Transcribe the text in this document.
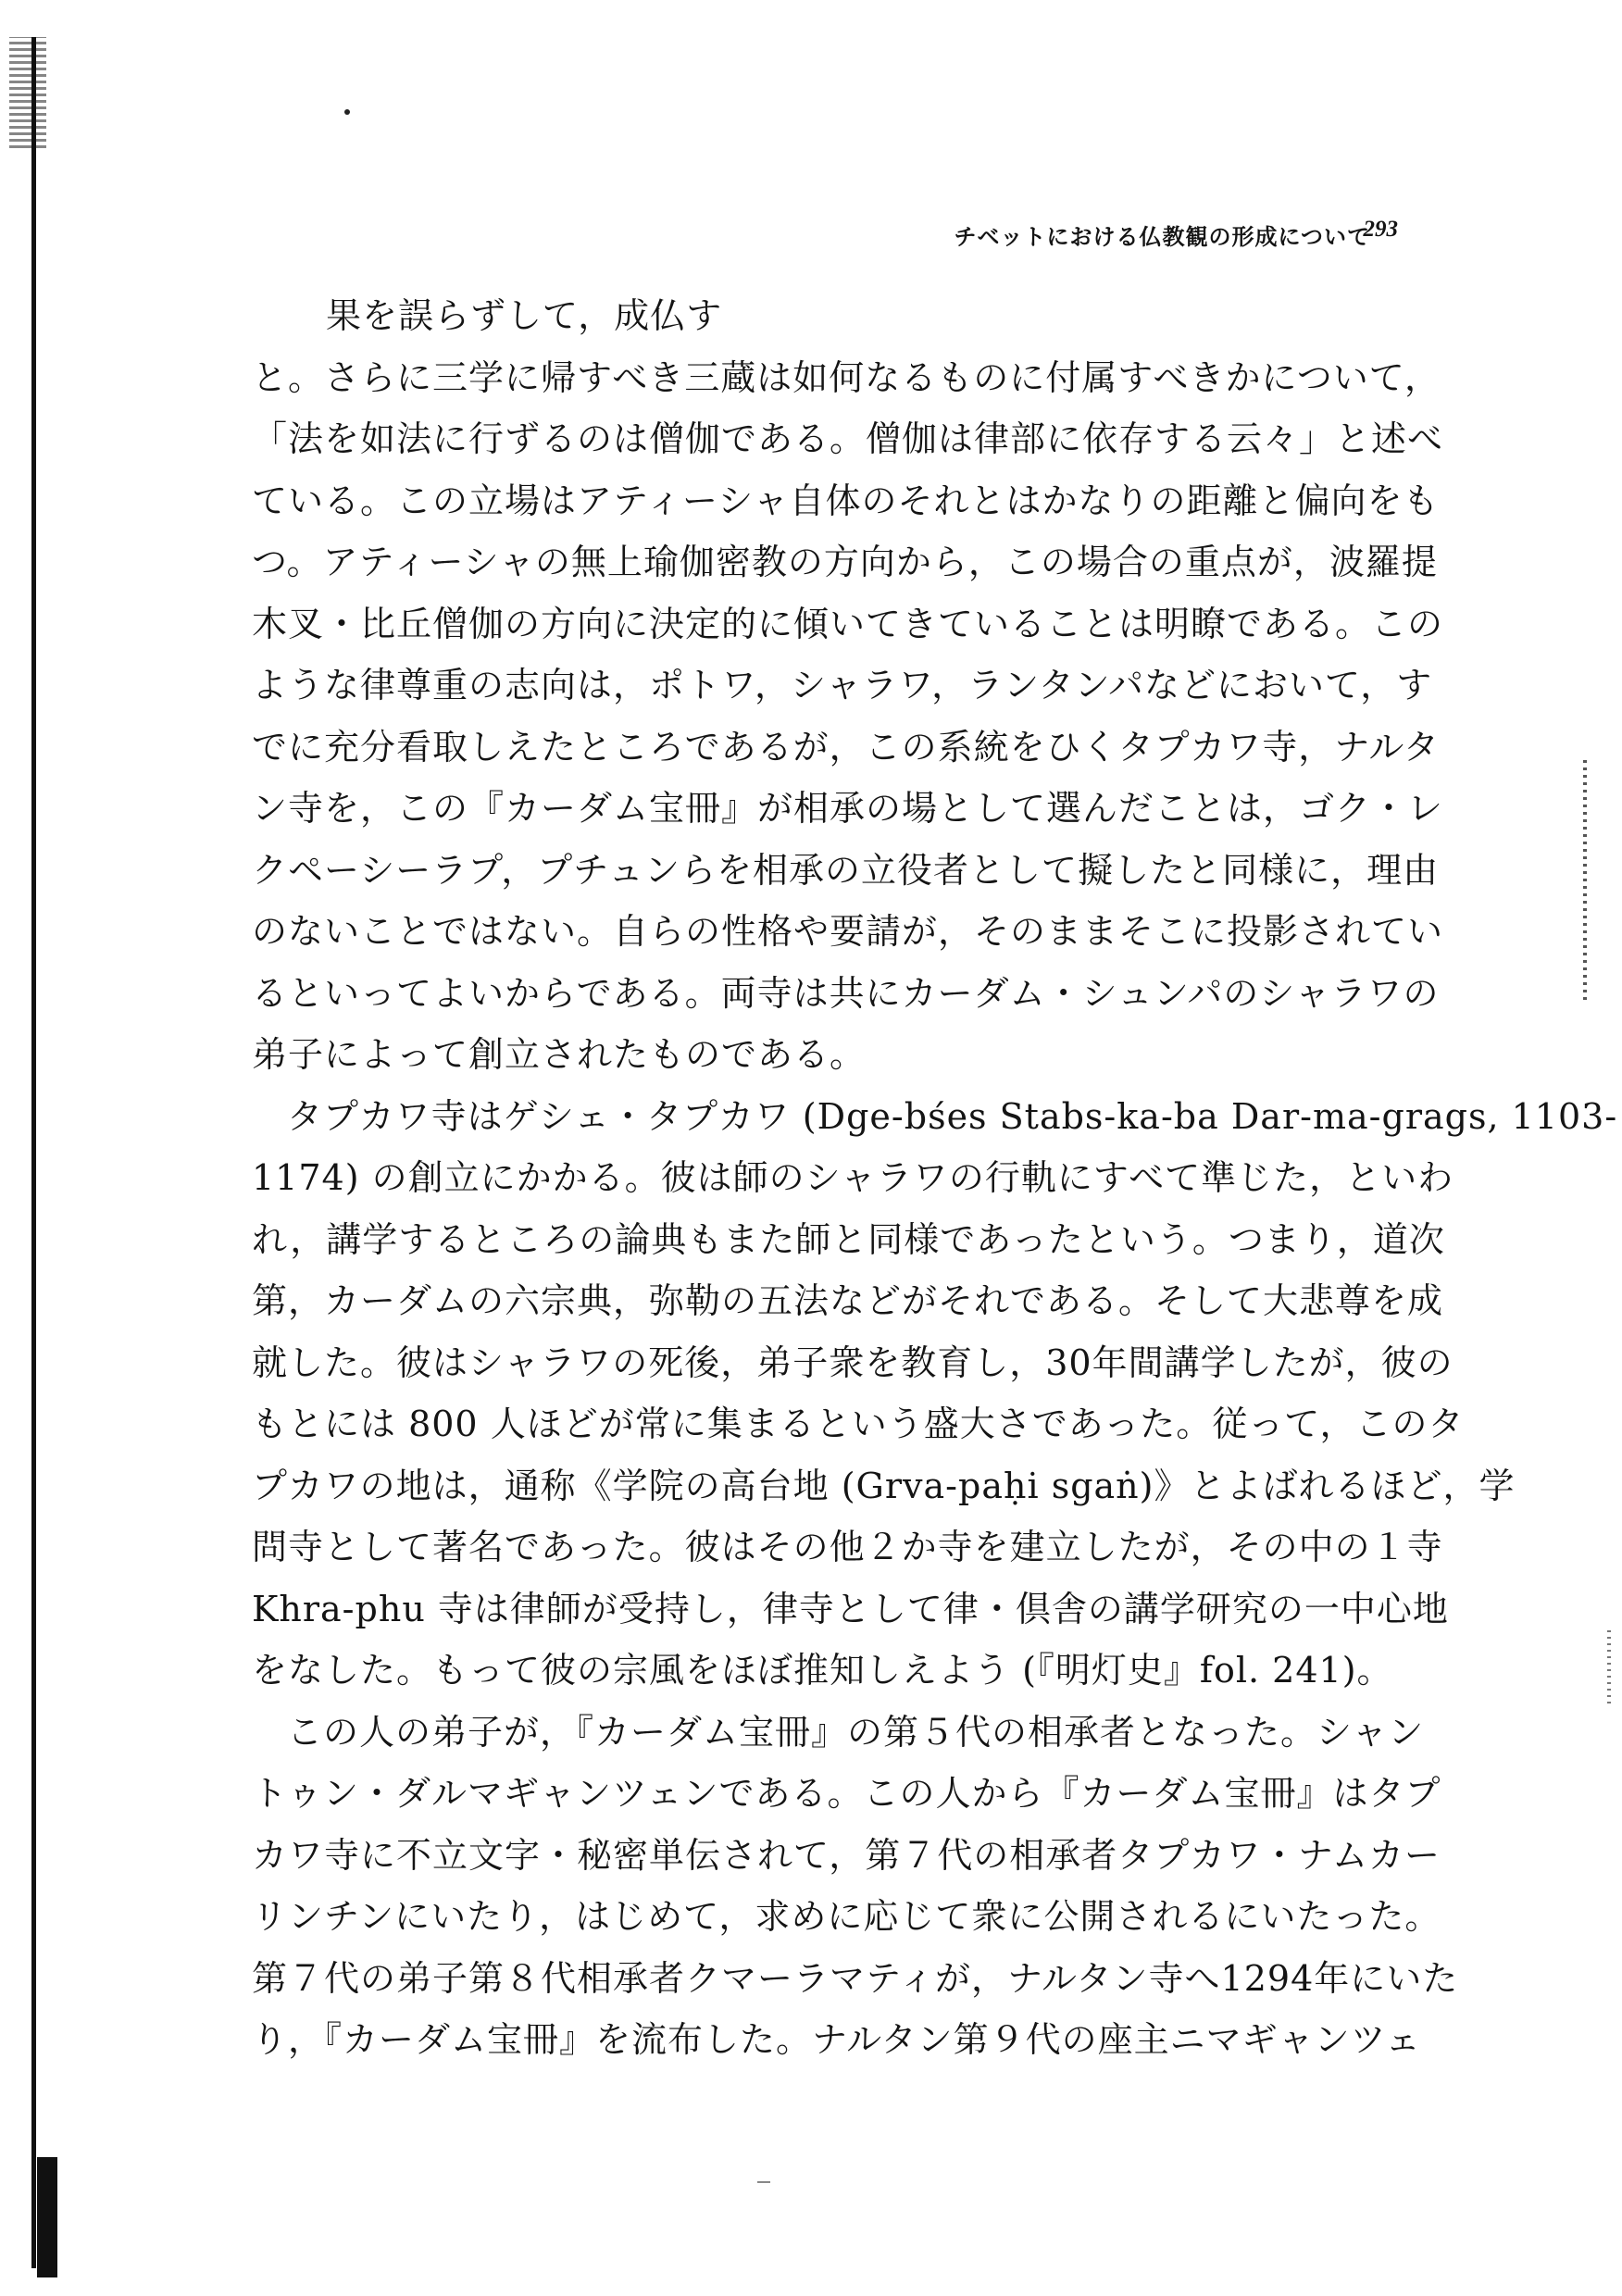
チベットにおける仏教観の形成について
293
果を誤らずして，成仏す
と。さらに三学に帰すべき三蔵は如何なるものに付属すべきかについて，
「法を如法に行ずるのは僧伽である。僧伽は律部に依存する云々」と述べ
ている。この立場はアティーシャ自体のそれとはかなりの距離と偏向をも
つ。アティーシャの無上瑜伽密教の方向から，この場合の重点が，波羅提
木叉・比丘僧伽の方向に決定的に傾いてきていることは明瞭である。この
ような律尊重の志向は，ポトワ，シャラワ，ランタンパなどにおいて，す
でに充分看取しえたところであるが，この系統をひくタプカワ寺，ナルタ
ン寺を，この『カーダム宝冊』が相承の場として選んだことは，ゴク・レ
クペーシーラプ，プチュンらを相承の立役者として擬したと同様に，理由
のないことではない。自らの性格や要請が，そのままそこに投影されてい
るといってよいからである。両寺は共にカーダム・シュンパのシャラワの
弟子によって創立されたものである。
タプカワ寺はゲシェ・タプカワ (Dge-bśes Stabs-ka-ba Dar-ma-grags, 1103-
1174) の創立にかかる。彼は師のシャラワの行軌にすべて準じた，といわ
れ，講学するところの論典もまた師と同様であったという。つまり，道次
第，カーダムの六宗典，弥勒の五法などがそれである。そして大悲尊を成
就した。彼はシャラワの死後，弟子衆を教育し，30年間講学したが，彼の
もとには 800 人ほどが常に集まるという盛大さであった。従って，このタ
プカワの地は，通称《学院の高台地 (Grva-paḥi sgaṅ)》とよばれるほど，学
問寺として著名であった。彼はその他２か寺を建立したが，その中の１寺
Khra-phu 寺は律師が受持し，律寺として律・倶舎の講学研究の一中心地
をなした。もって彼の宗風をほぼ推知しえよう (『明灯史』fol. 241)。
この人の弟子が，『カーダム宝冊』の第５代の相承者となった。シャン
トゥン・ダルマギャンツェンである。この人から『カーダム宝冊』はタプ
カワ寺に不立文字・秘密単伝されて，第７代の相承者タプカワ・ナムカー
リンチンにいたり，はじめて，求めに応じて衆に公開されるにいたった。
第７代の弟子第８代相承者クマーラマティが，ナルタン寺へ1294年にいた
り，『カーダム宝冊』を流布した。ナルタン第９代の座主ニマギャンツェ
